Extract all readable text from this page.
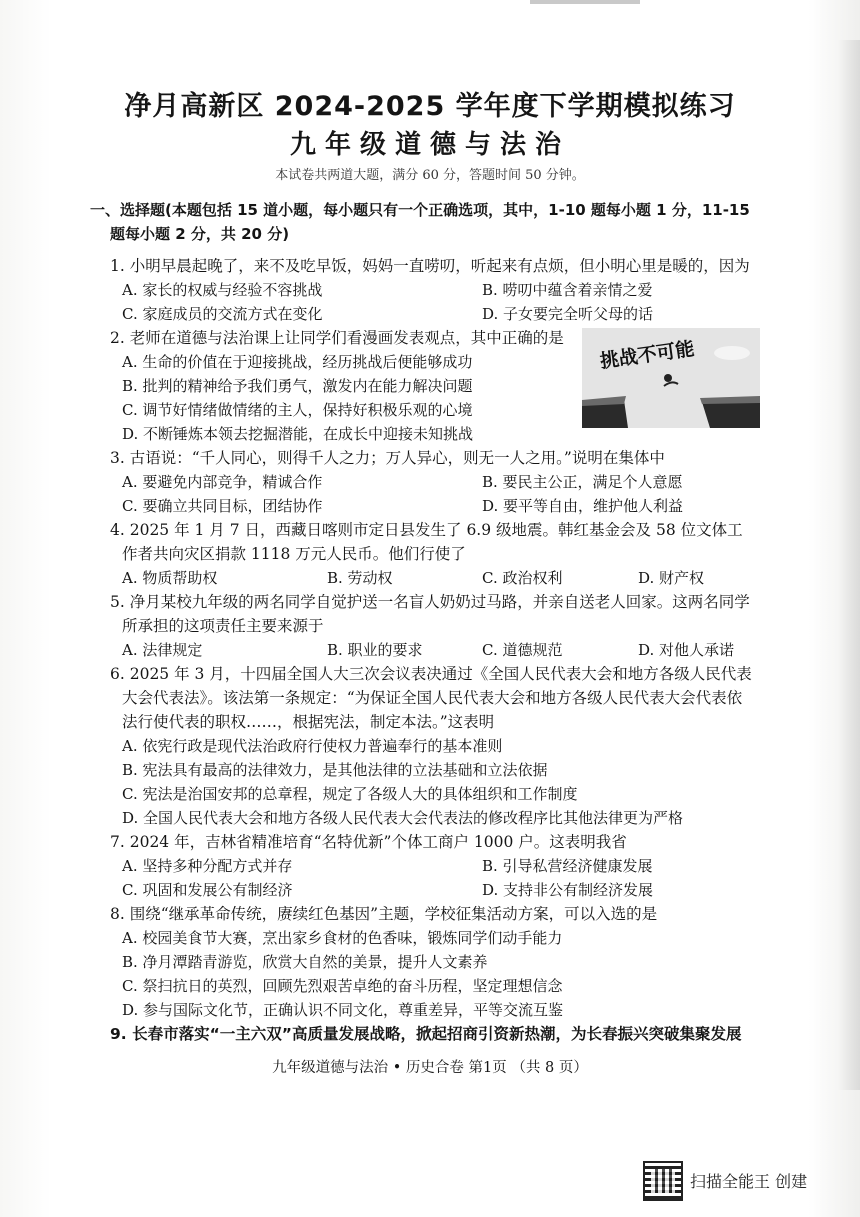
净月高新区 2024-2025 学年度下学期模拟练习
九年级道德与法治
本试卷共两道大题，满分 60 分，答题时间 50 分钟。
一、选择题(本题包括 15 道小题，每小题只有一个正确选项，其中，1-10 题每小题 1 分，11-15
题每小题 2 分，共 20 分)
1. 小明早晨起晚了，来不及吃早饭，妈妈一直唠叨，听起来有点烦，但小明心里是暖的，因为
A. 家长的权威与经验不容挑战	B. 唠叨中蕴含着亲情之爱
C. 家庭成员的交流方式在变化	D. 子女要完全听父母的话
2. 老师在道德与法治课上让同学们看漫画发表观点，其中正确的是
A. 生命的价值在于迎接挑战，经历挑战后便能够成功
B. 批判的精神给予我们勇气，激发内在能力解决问题
C. 调节好情绪做情绪的主人，保持好积极乐观的心境
D. 不断锤炼本领去挖掘潜能，在成长中迎接未知挑战
挑战不可能
3. 古语说：“千人同心，则得千人之力；万人异心，则无一人之用。”说明在集体中
A. 要避免内部竞争，精诚合作	B. 要民主公正，满足个人意愿
C. 要确立共同目标，团结协作	D. 要平等自由，维护他人利益
4. 2025 年 1 月 7 日，西藏日喀则市定日县发生了 6.9 级地震。韩红基金会及 58 位文体工
作者共向灾区捐款 1118 万元人民币。他们行使了
A. 物质帮助权	B. 劳动权	C. 政治权利	D. 财产权
5. 净月某校九年级的两名同学自觉护送一名盲人奶奶过马路，并亲自送老人回家。这两名同学
所承担的这项责任主要来源于
A. 法律规定	B. 职业的要求	C. 道德规范	D. 对他人承诺
6. 2025 年 3 月，十四届全国人大三次会议表决通过《全国人民代表大会和地方各级人民代表
大会代表法》。该法第一条规定：“为保证全国人民代表大会和地方各级人民代表大会代表依
法行使代表的职权……，根据宪法，制定本法。”这表明
A. 依宪行政是现代法治政府行使权力普遍奉行的基本准则
B. 宪法具有最高的法律效力，是其他法律的立法基础和立法依据
C. 宪法是治国安邦的总章程，规定了各级人大的具体组织和工作制度
D. 全国人民代表大会和地方各级人民代表大会代表法的修改程序比其他法律更为严格
7. 2024 年，吉林省精准培育“名特优新”个体工商户 1000 户。这表明我省
A. 坚持多种分配方式并存	B. 引导私营经济健康发展
C. 巩固和发展公有制经济	D. 支持非公有制经济发展
8. 围绕“继承革命传统，赓续红色基因”主题，学校征集活动方案，可以入选的是
A. 校园美食节大赛，烹出家乡食材的色香味，锻炼同学们动手能力
B. 净月潭踏青游览，欣赏大自然的美景，提升人文素养
C. 祭扫抗日的英烈，回顾先烈艰苦卓绝的奋斗历程，坚定理想信念
D. 参与国际文化节，正确认识不同文化，尊重差异，平等交流互鉴
9. 长春市落实“一主六双”高质量发展战略，掀起招商引资新热潮，为长春振兴突破集聚发展
九年级道德与法治 • 历史合卷 第1页 （共 8 页）
扫描全能王 创建
